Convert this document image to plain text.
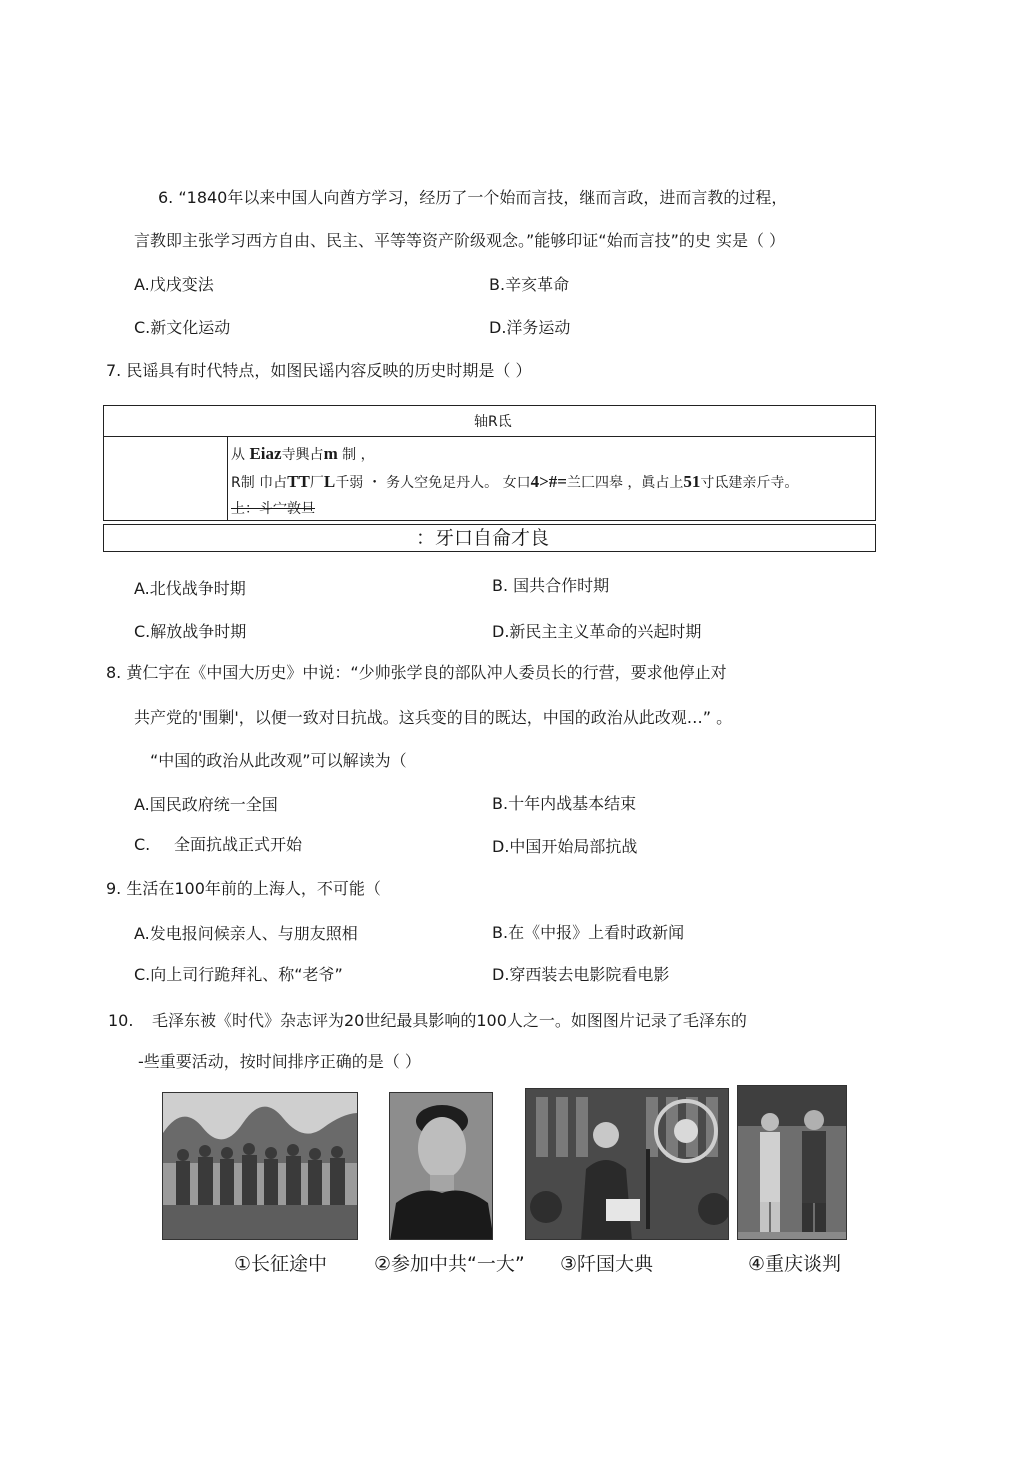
6. “1840年以来中国人向酋方学习，经历了一个始而言技，继而言政，进而言教的过程，
言教即主张学习西方自由、民主、平等等资产阶级观念。”能够印证“始而言技”的史 实是（ ）
A.戊戌变法	B.辛亥革命
C.新文化运动	D.洋务运动
7. 民谣具有时代特点，如图民谣内容反映的历史时期是（ ）
轴R氐
从 Eiaz寺興占m 制 ，
R制 巾占TT厂L千弱 ・ 务人空免足丹人。 女口4>#=兰匚四皋 ，眞占上51寸氐建亲斤寺。
上：斗宀敦旦
：牙口自侖才良
A.北伐战争时期	B. 国共合作时期
C.解放战争时期	D.新民主主义革命的兴起时期
8. 黄仁宇在《中国大历史》中说：“少帅张学良的部队冲人委员长的行营，要求他停止对
共产党的'围剿'，以便一致对日抗战。这兵变的目的既达，中国的政治从此改观…” 。
“中国的政治从此改观”可以解读为（
A.国民政府统一全国	B.十年内战基本结束
C. 全面抗战正式开始	D.中国开始局部抗战
9. 生活在100年前的上海人，不可能（
A.发电报问候亲人、与朋友照相	B.在《中报》上看时政新闻
C.向上司行跪拜礼、称“老爷”	D.穿西装去电影院看电影
10. 毛泽东被《时代》杂志评为20世纪最具影响的100人之一。如图图片记录了毛泽东的
-些重要活动，按时间排序正确的是（ ）
①长征途中 ②参加中共“一大” ③阡国大典	④重庆谈判
